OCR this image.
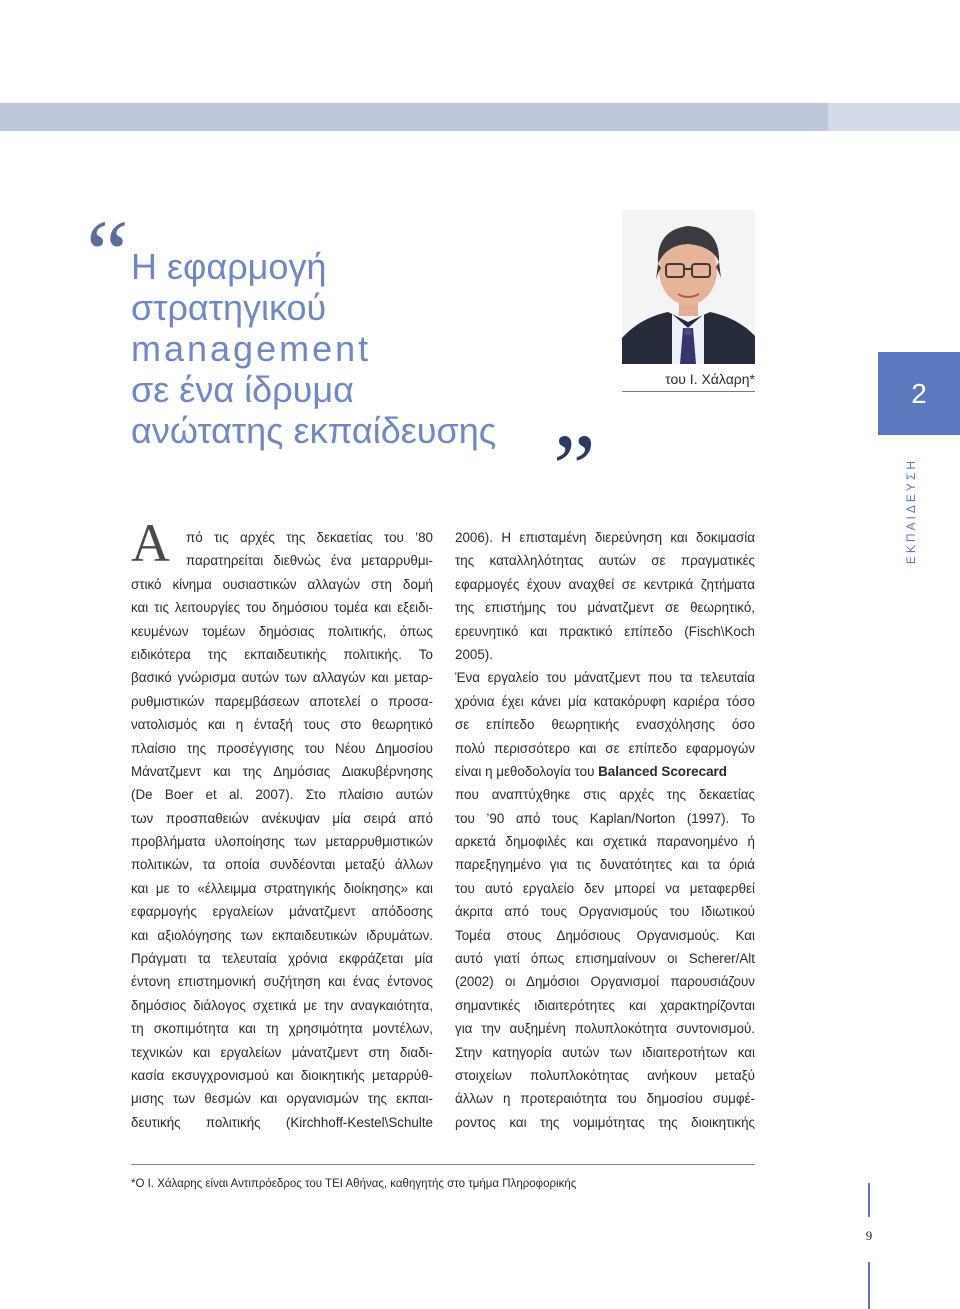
“ Η εφαρμογή
στρατηγικού
management
σε ένα ίδρυμα
ανώτατης εκπαίδευσης ”
του Ι. Χάλαρη*	2
ΕΚΠΑΙΔΕΥΣΗ
Α	πό τις αρχές της δεκαετίας του ’80
παρατηρείται διεθνώς ένα μεταρρυθμι-
στικό κίνημα ουσιαστικών αλλαγών στη δομή
και τις λειτουργίες του δημόσιου τομέα και εξειδι-
κευμένων τομέων δημόσιας πολιτικής, όπως
ειδικότερα της εκπαιδευτικής πολιτικής. Το
βασικό γνώρισμα αυτών των αλλαγών και μεταρ-
ρυθμιστικών παρεμβάσεων αποτελεί ο προσα-
νατολισμός και η ένταξή τους στο θεωρητικό
πλαίσιο της προσέγγισης του Νέου Δημοσίου
Μάνατζμεντ και της Δημόσιας Διακυβέρνησης
(De Boer et al. 2007). Στο πλαίσιο αυτών
των προσπαθειών ανέκυψαν μία σειρά από
προβλήματα υλοποίησης των μεταρρυθμιστικών
πολιτικών, τα οποία συνδέονται μεταξύ άλλων
και με το «έλλειμμα στρατηγικής διοίκησης» και
εφαρμογής εργαλείων μάνατζμεντ απόδοσης
και αξιολόγησης των εκπαιδευτικών ιδρυμάτων.
Πράγματι τα τελευταία χρόνια εκφράζεται μία
έντονη επιστημονική συζήτηση και ένας έντονος
δημόσιος διάλογος σχετικά με την αναγκαιότητα,
τη σκοπιμότητα και τη χρησιμότητα μοντέλων,
τεχνικών και εργαλείων μάνατζμεντ στη διαδι-
κασία εκσυγχρονισμού και διοικητικής μεταρρύθ-
μισης των θεσμών και οργανισμών της εκπαι-
δευτικής πολιτικής (Kirchhoff-Kestel\Schulte
2006). Η επισταμένη διερεύνηση και δοκιμασία
της καταλληλότητας αυτών σε πραγματικές
εφαρμογές έχουν αναχθεί σε κεντρικά ζητήματα
της επιστήμης του μάνατζμεντ σε θεωρητικό,
ερευνητικό και πρακτικό επίπεδο (Fisch\Koch
2005).
Ένα εργαλείο του μάνατζμεντ που τα τελευταία
χρόνια έχει κάνει μία κατακόρυφη καριέρα τόσο
σε επίπεδο θεωρητικής ενασχόλησης όσο
πολύ περισσότερο και σε επίπεδο εφαρμογών
είναι η μεθοδολογία του Balanced Scorecard
που αναπτύχθηκε στις αρχές της δεκαετίας
του ’90 από τους Kaplan/Norton (1997). Το
αρκετά δημοφιλές και σχετικά παρανοημένο ή
παρεξηγημένο για τις δυνατότητες και τα όριά
του αυτό εργαλείο δεν μπορεί να μεταφερθεί
άκριτα από τους Οργανισμούς του Ιδιωτικού
Τομέα στους Δημόσιους Οργανισμούς. Και
αυτό γιατί όπως επισημαίνουν οι Scherer/Alt
(2002) οι Δημόσιοι Οργανισμοί παρουσιάζουν
σημαντικές ιδιαιτερότητες και χαρακτηρίζονται
για την αυξημένη πολυπλοκότητα συντονισμού.
Στην κατηγορία αυτών των ιδιαιτεροτήτων και
στοιχείων πολυπλοκότητας ανήκουν μεταξύ
άλλων η προτεραιότητα του δημοσίου συμφέ-
ροντος και της νομιμότητας της διοικητικής
*Ο Ι. Χάλαρης είναι Αντιπρόεδρος του ΤΕΙ Αθήνας, καθηγητής στο τμήμα Πληροφορικής
9
